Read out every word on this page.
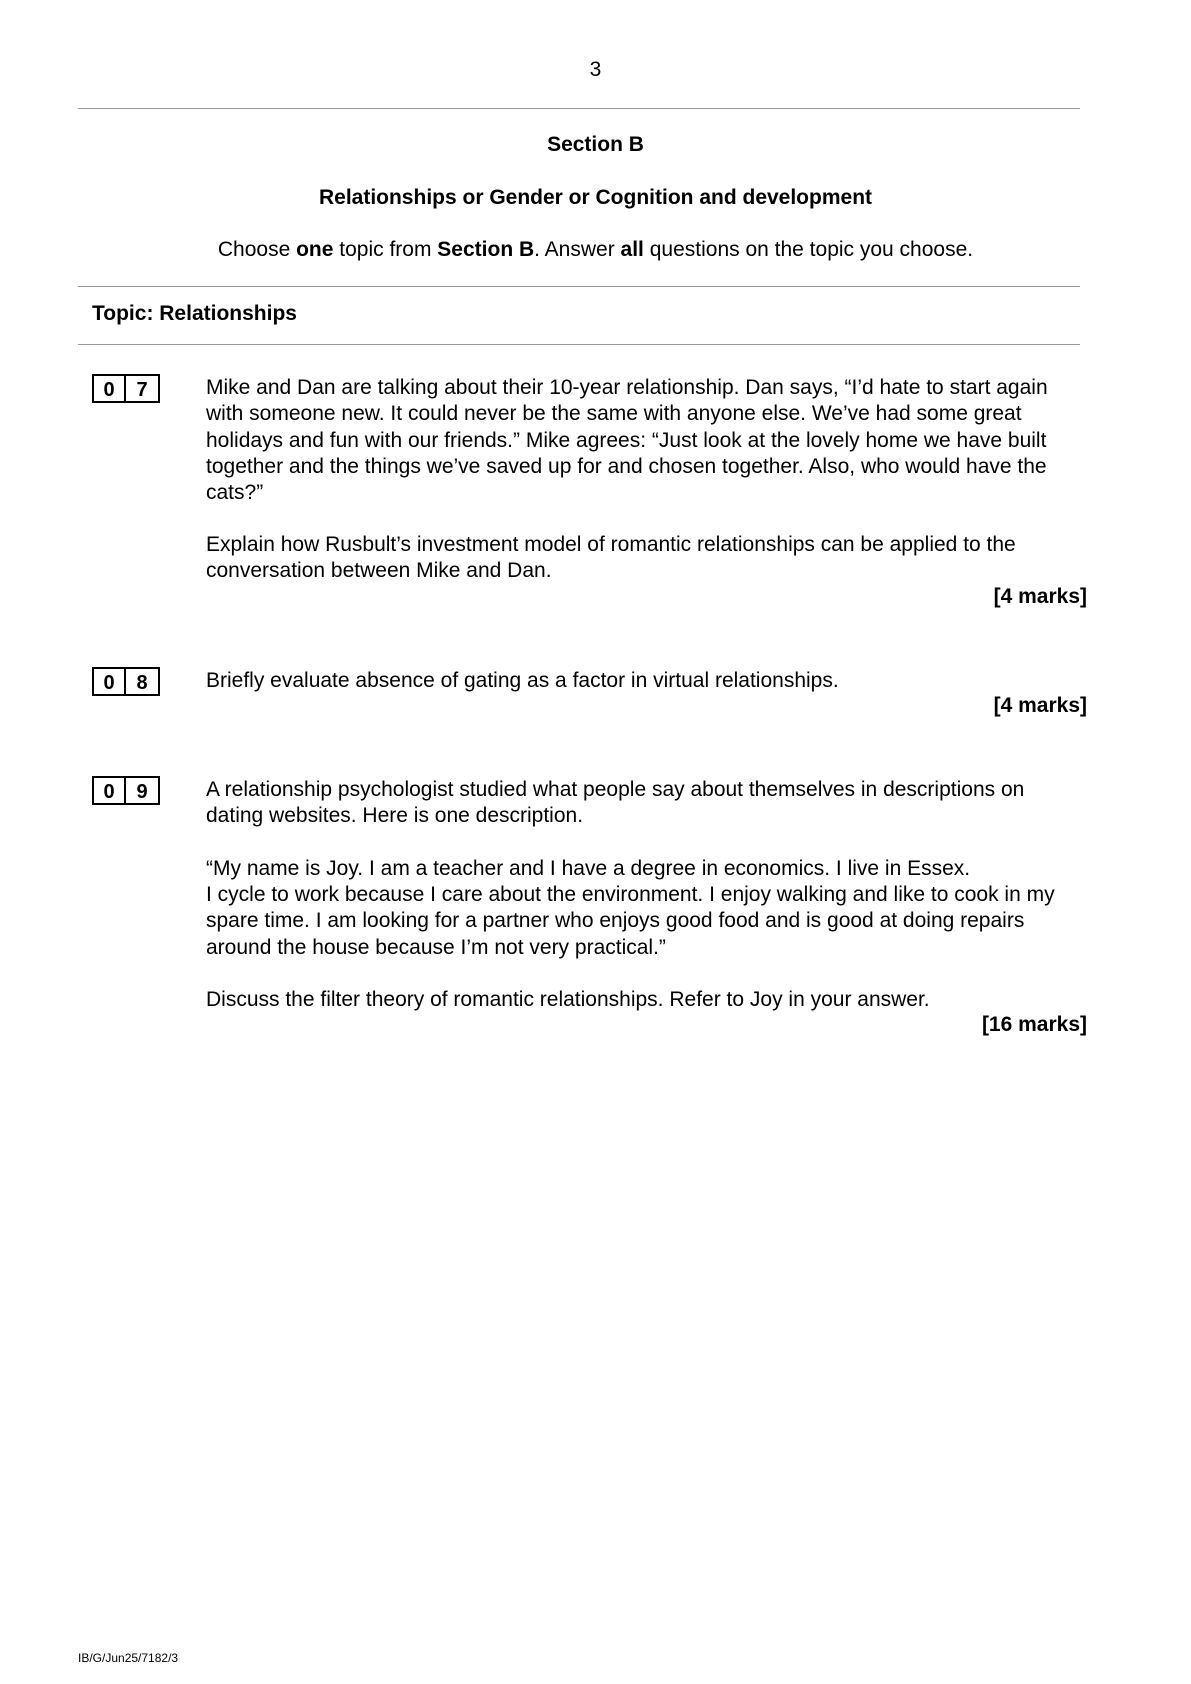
3
Section B
Relationships or Gender or Cognition and development
Choose one topic from Section B. Answer all questions on the topic you choose.
Topic: Relationships
0	7	Mike and Dan are talking about their 10-year relationship. Dan says, “I’d hate to start again with someone new. It could never be the same with anyone else. We’ve had some great holidays and fun with our friends.” Mike agrees: “Just look at the lovely home we have built together and the things we’ve saved up for and chosen together. Also, who would have the cats?”
Explain how Rusbult’s investment model of romantic relationships can be applied to the conversation between Mike and Dan.
[4 marks]
0	8	Briefly evaluate absence of gating as a factor in virtual relationships.
[4 marks]
0	9	A relationship psychologist studied what people say about themselves in descriptions on dating websites. Here is one description.
“My name is Joy. I am a teacher and I have a degree in economics. I live in Essex.
I cycle to work because I care about the environment. I enjoy walking and like to cook in my spare time. I am looking for a partner who enjoys good food and is good at doing repairs around the house because I’m not very practical.”
Discuss the filter theory of romantic relationships. Refer to Joy in your answer.
[16 marks]
IB/G/Jun25/7182/3
